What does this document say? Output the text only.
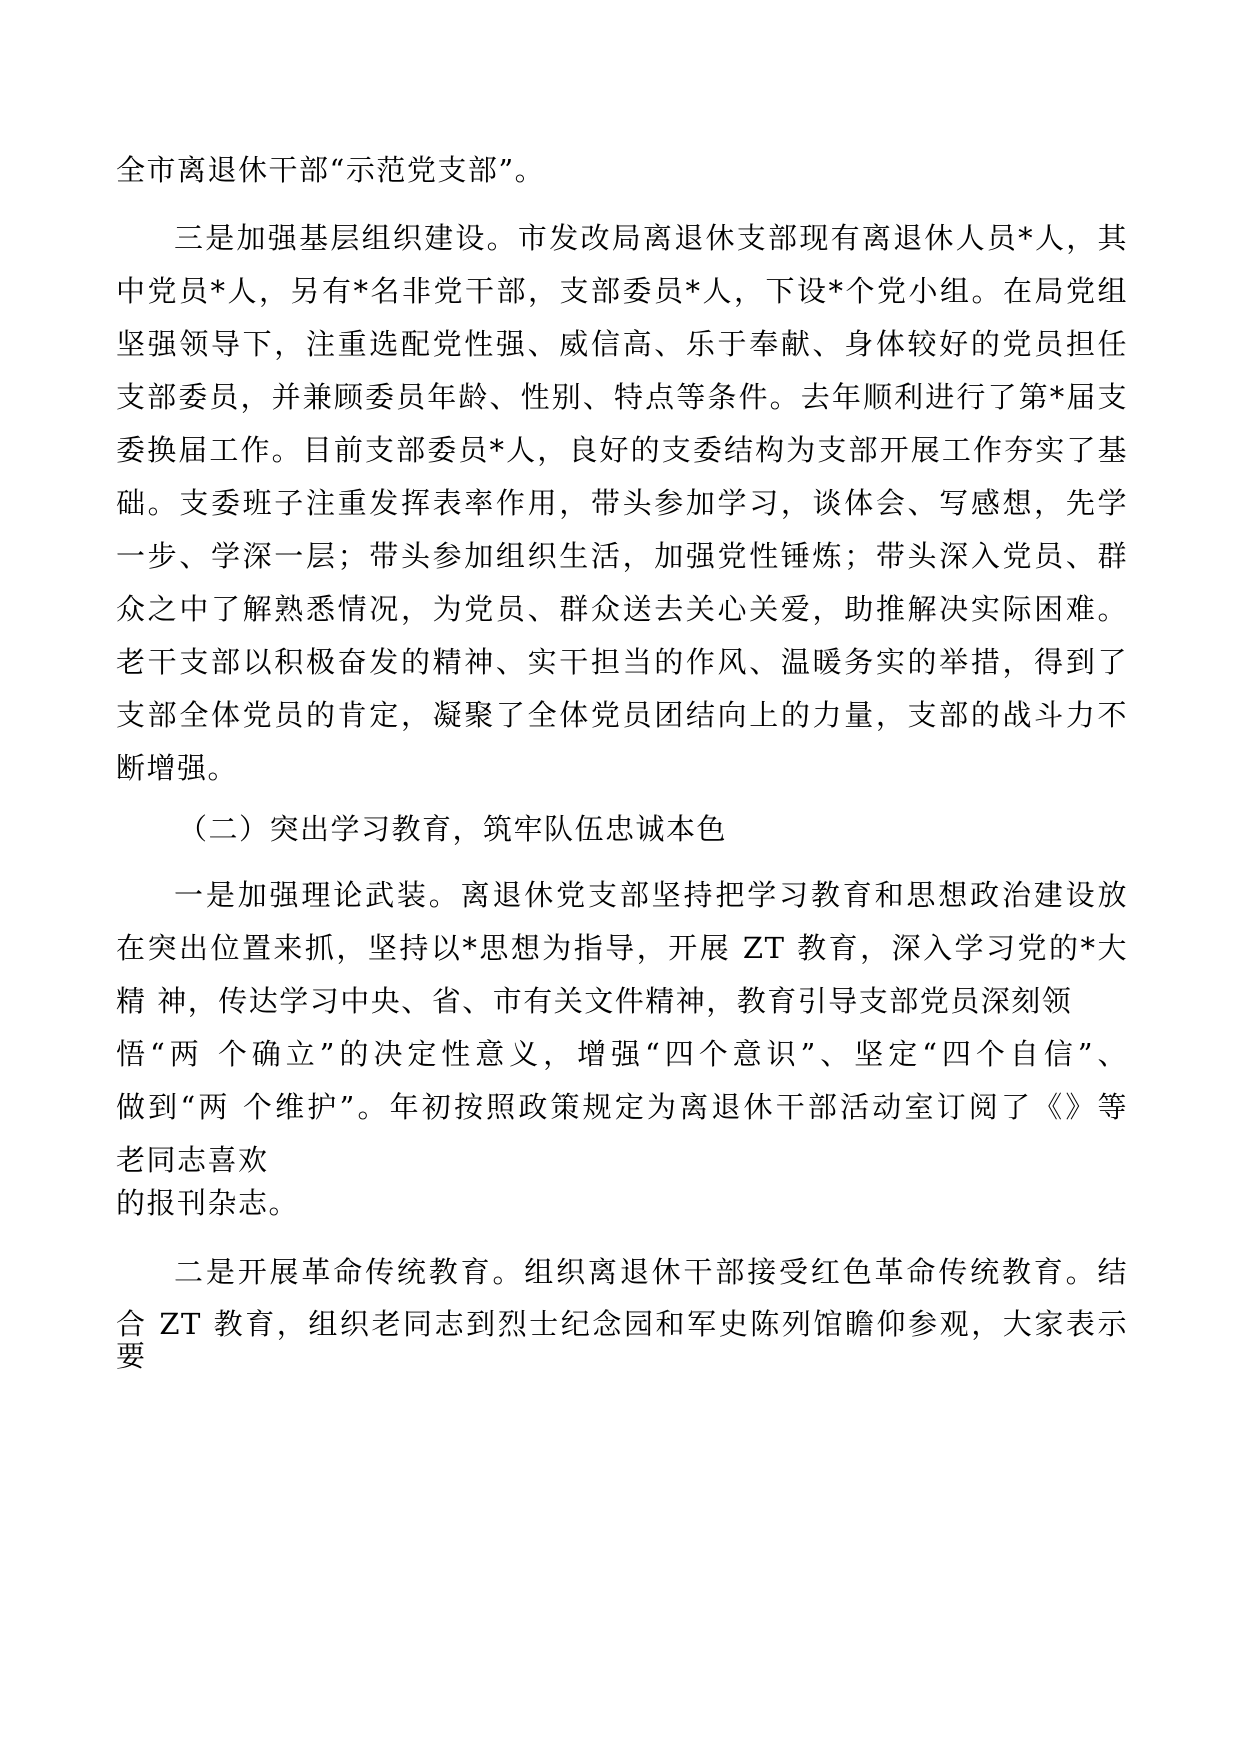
全市离退休干部“示范党支部”。
三是加强基层组织建设。市发改局离退休支部现有离退休人员*人，其
中党员*人，另有*名非党干部，支部委员*人，下设*个党小组。在局党组
坚强领导下，注重选配党性强、威信高、乐于奉献、身体较好的党员担任
支部委员，并兼顾委员年龄、性别、特点等条件。去年顺利进行了第*届支
委换届工作。目前支部委员*人，良好的支委结构为支部开展工作夯实了基
础。支委班子注重发挥表率作用，带头参加学习，谈体会、写感想，先学
一步、学深一层；带头参加组织生活，加强党性锤炼；带头深入党员、群
众之中了解熟悉情况，为党员、群众送去关心关爱，助推解决实际困难。
老干支部以积极奋发的精神、实干担当的作风、温暖务实的举措，得到了
支部全体党员的肯定，凝聚了全体党员团结向上的力量，支部的战斗力不
断增强。
（二）突出学习教育，筑牢队伍忠诚本色
一是加强理论武装。离退休党支部坚持把学习教育和思想政治建设放
在突出位置来抓，坚持以*思想为指导，开展 ZT 教育，深入学习党的*大
精 神，传达学习中央、省、市有关文件精神，教育引导支部党员深刻领
悟“两 个确立”的决定性意义，增强“四个意识”、坚定“四个自信”、
做到“两 个维护”。年初按照政策规定为离退休干部活动室订阅了《》等
老同志喜欢
的报刊杂志。
二是开展革命传统教育。组织离退休干部接受红色革命传统教育。结
合 ZT 教育，组织老同志到烈士纪念园和军史陈列馆瞻仰参观，大家表示
要
